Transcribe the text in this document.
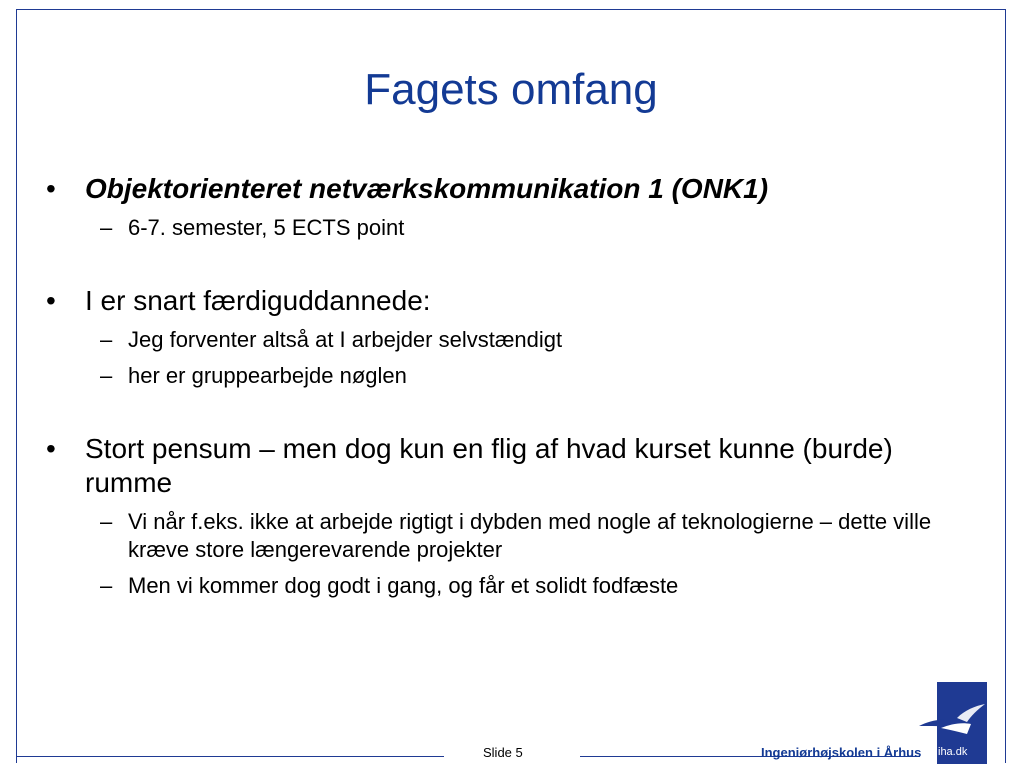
Fagets omfang
• Objektorienteret netværkskommunikation 1 (ONK1)
– 6-7. semester, 5 ECTS point
• I er snart færdiguddannede:
– Jeg forventer altså at I arbejder selvstændigt
– her er gruppearbejde nøglen
• Stort pensum – men dog kun en flig af hvad kurset kunne (burde) rumme
– Vi når f.eks. ikke at arbejde rigtigt i dybden med nogle af teknologierne – dette ville kræve store længerevarende projekter
– Men vi kommer dog godt i gang, og får et solidt fodfæste
Slide 5	Ingeniørhøjskolen i Århus iha.dk
